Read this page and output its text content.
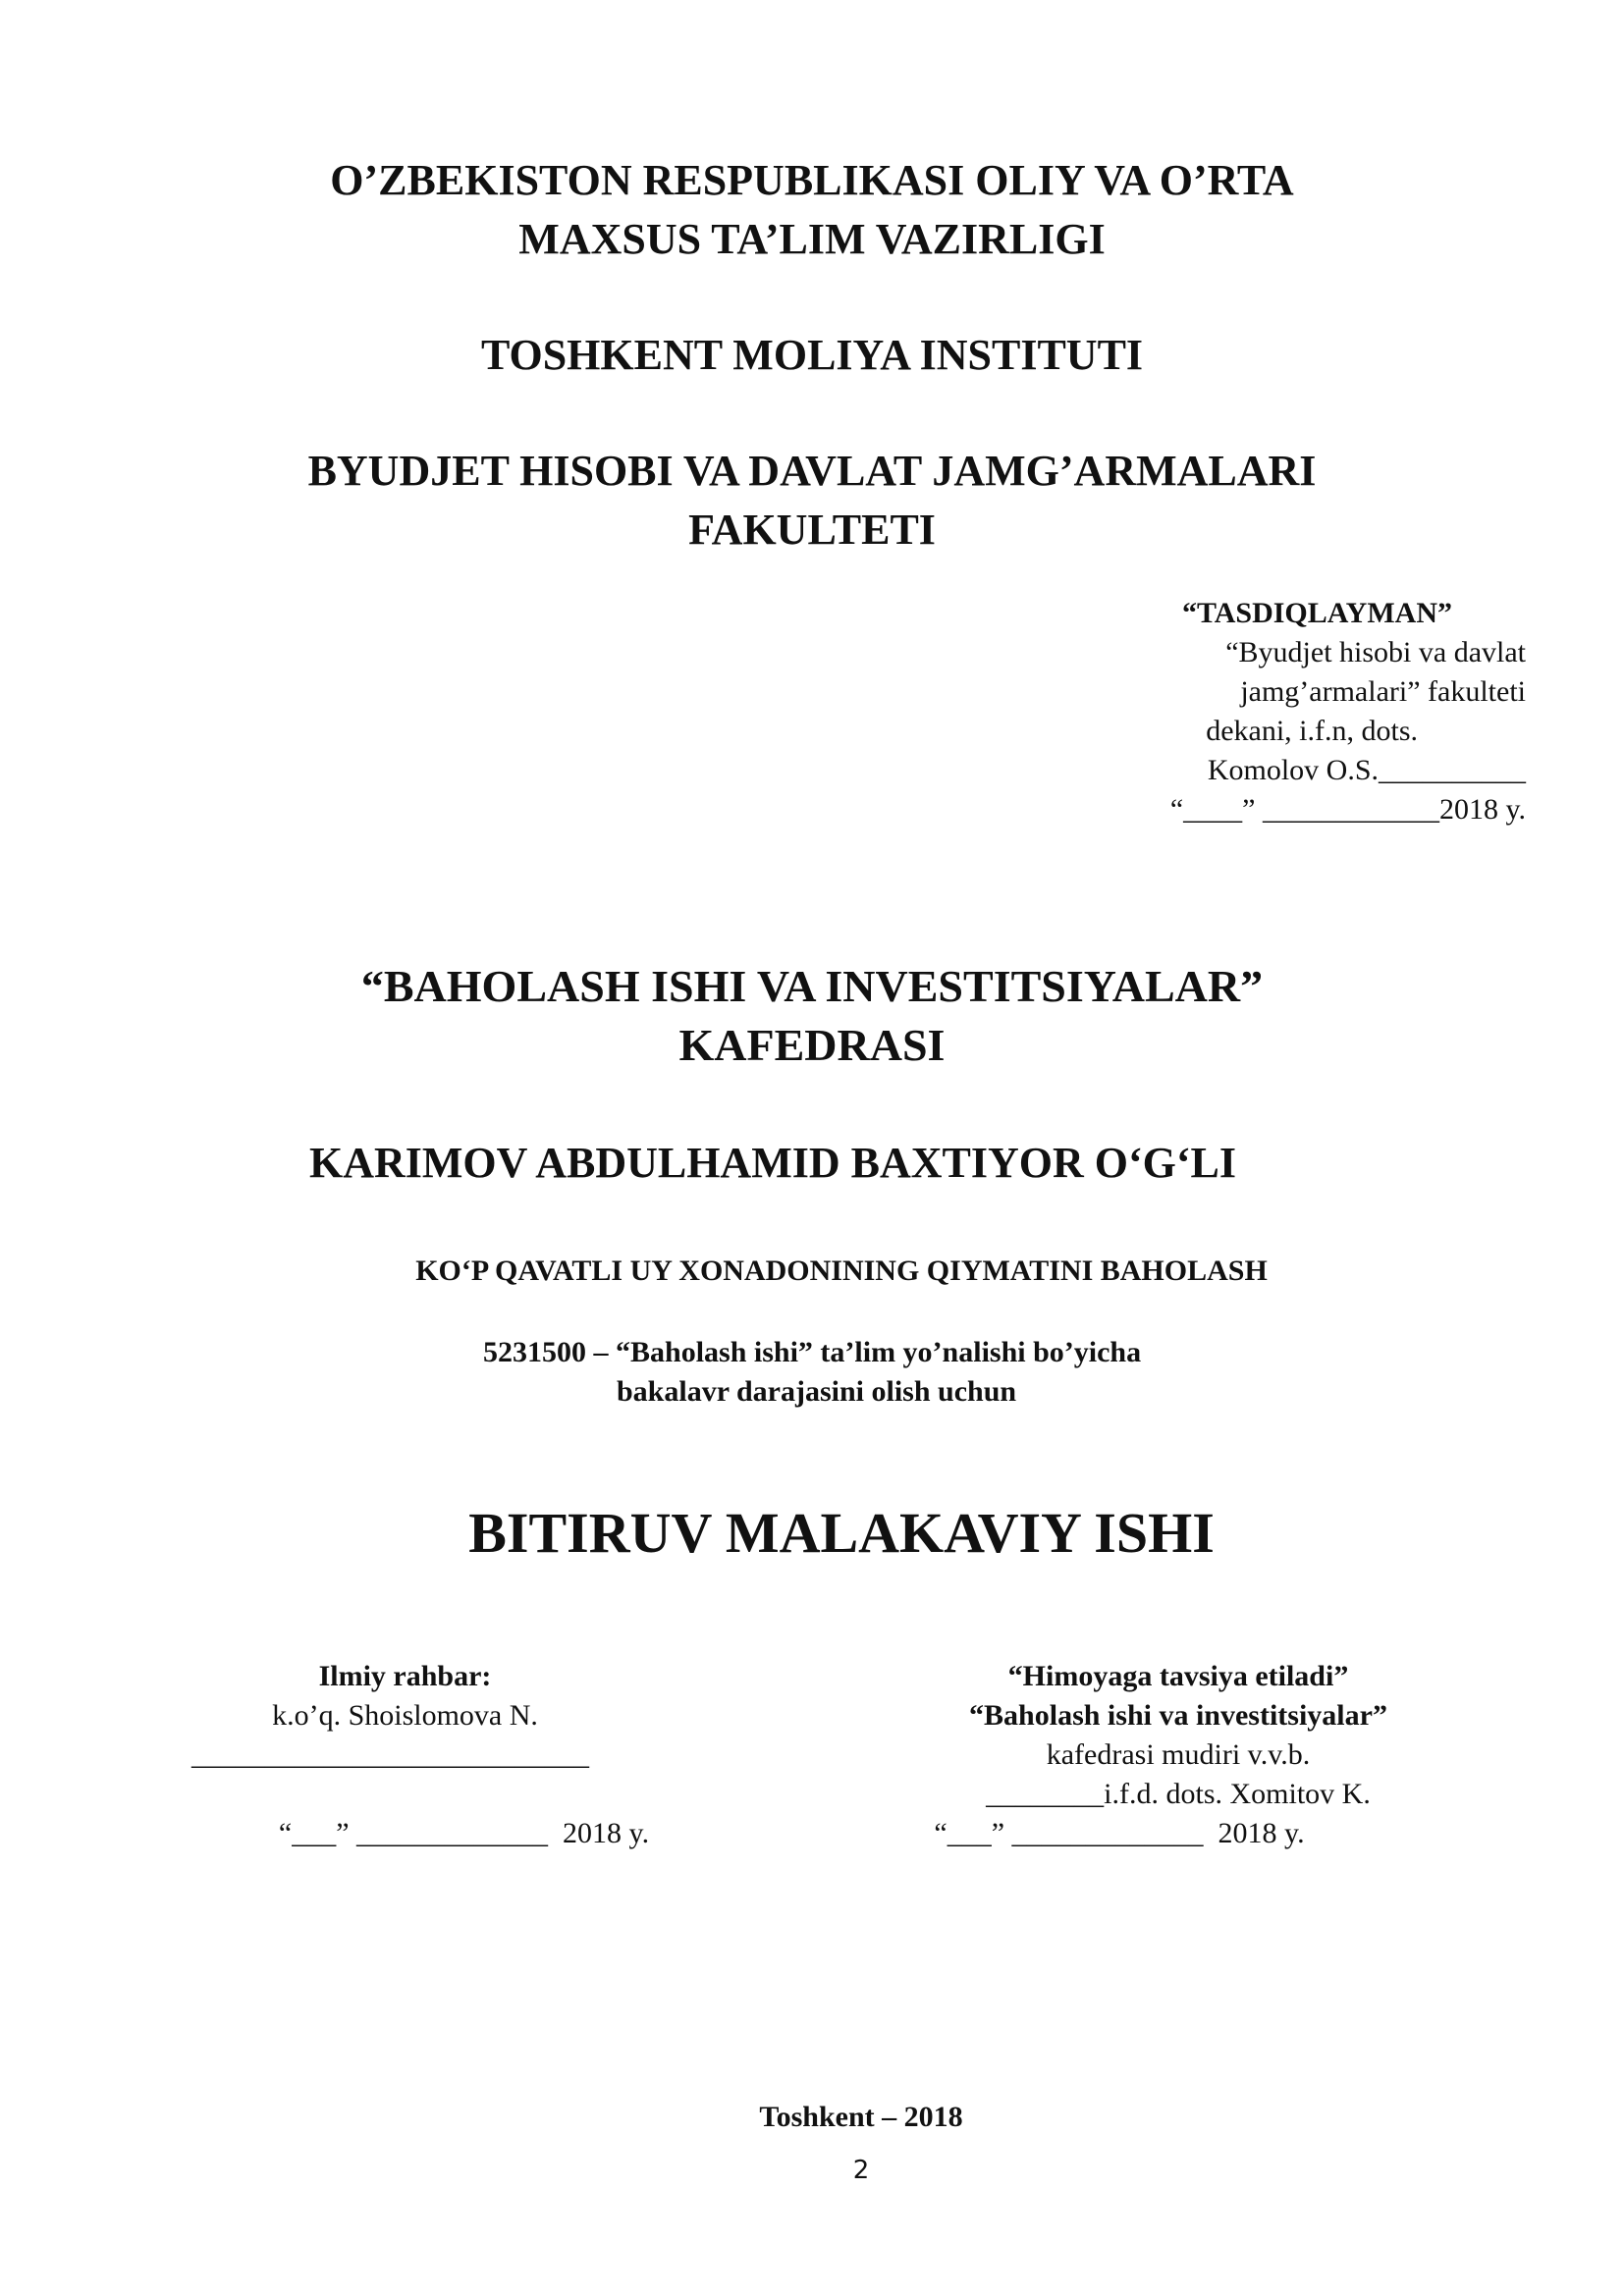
O’ZBEKISTON RESPUBLIKASI OLIY VA O’RTA
MAXSUS TA’LIM VAZIRLIGI
TOSHKENT MOLIYA INSTITUTI
BYUDJET HISOBI VA DAVLAT JAMG’ARMALARI
FAKULTETI
“TASDIQLAYMAN”
“Byudjet hisobi va davlat
jamg’armalari” fakulteti
dekani, i.f.n, dots.
Komolov O.S.__________
“____” ____________2018 y.
“BAHOLASH ISHI VA INVESTITSIYALAR”
KAFEDRASI
KARIMOV ABDULHAMID BAXTIYOR O‘G‘LI
KO‘P QAVATLI UY XONADONINING QIYMATINI BAHOLASH
5231500 – “Baholash ishi” ta’lim yo’nalishi bo’yicha
bakalavr darajasini olish uchun
BITIRUV MALAKAVIY ISHI
Ilmiy rahbar:
k.o’q. Shoislomova N.
___________________________
“___” _____________  2018 y.
“Himoyaga tavsiya etiladi”
“Baholash ishi va investitsiyalar”
kafedrasi mudiri v.v.b.
________i.f.d. dots. Xomitov K.
“___” _____________  2018 y.
Toshkent – 2018
2
